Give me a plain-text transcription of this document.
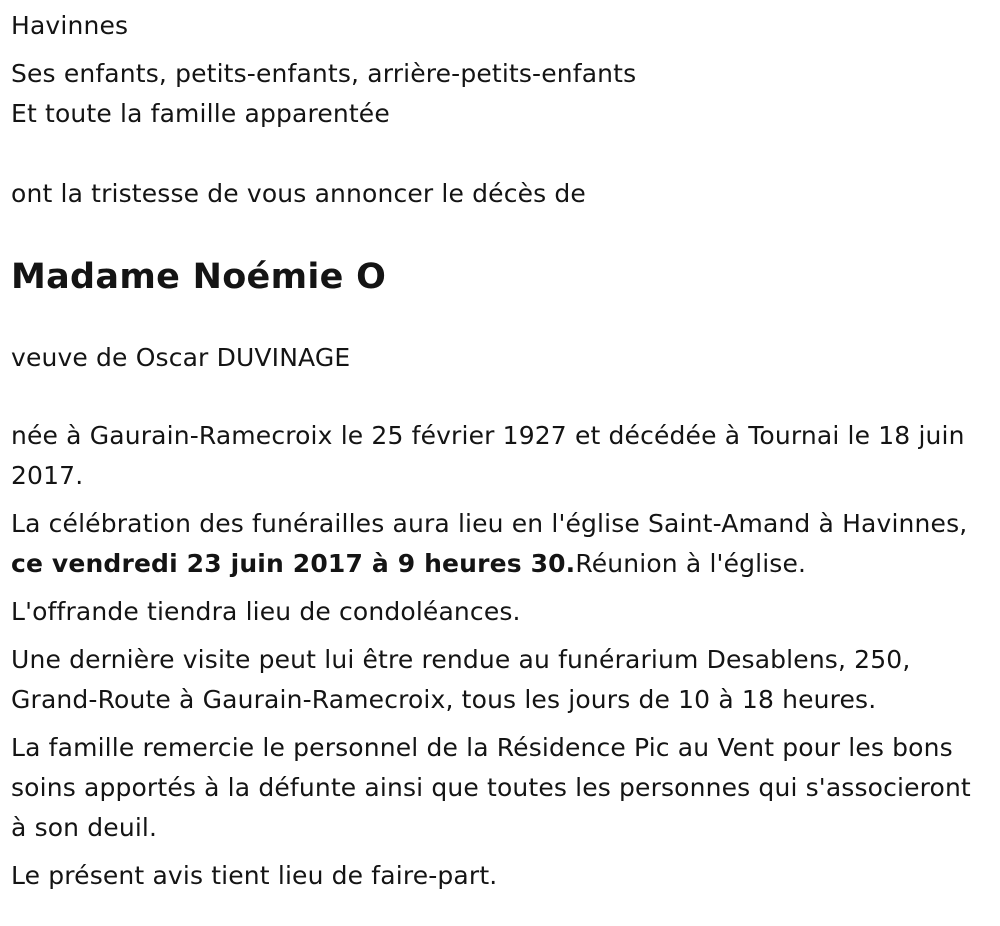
Havinnes

Ses enfants, petits-enfants, arrière-petits-enfants

Et toute la famille apparentée

ont la tristesse de vous annoncer le décès de

Madame Noémie O

veuve de Oscar DUVINAGE

née à Gaurain-Ramecroix le 25 février 1927 et décédée à Tournai le 18 juin 2017.

La célébration des funérailles aura lieu en l'église Saint-Amand à Havinnes, ce vendredi 23 juin 2017 à 9 heures 30.Réunion à l'église.

L'offrande tiendra lieu de condoléances.

Une dernière visite peut lui être rendue au funérarium Desablens, 250, Grand-Route à Gaurain-Ramecroix, tous les jours de 10 à 18 heures.

La famille remercie le personnel de la Résidence Pic au Vent pour les bons soins apportés à la défunte ainsi que toutes les personnes qui s'associeront à son deuil.

Le présent avis tient lieu de faire-part.
